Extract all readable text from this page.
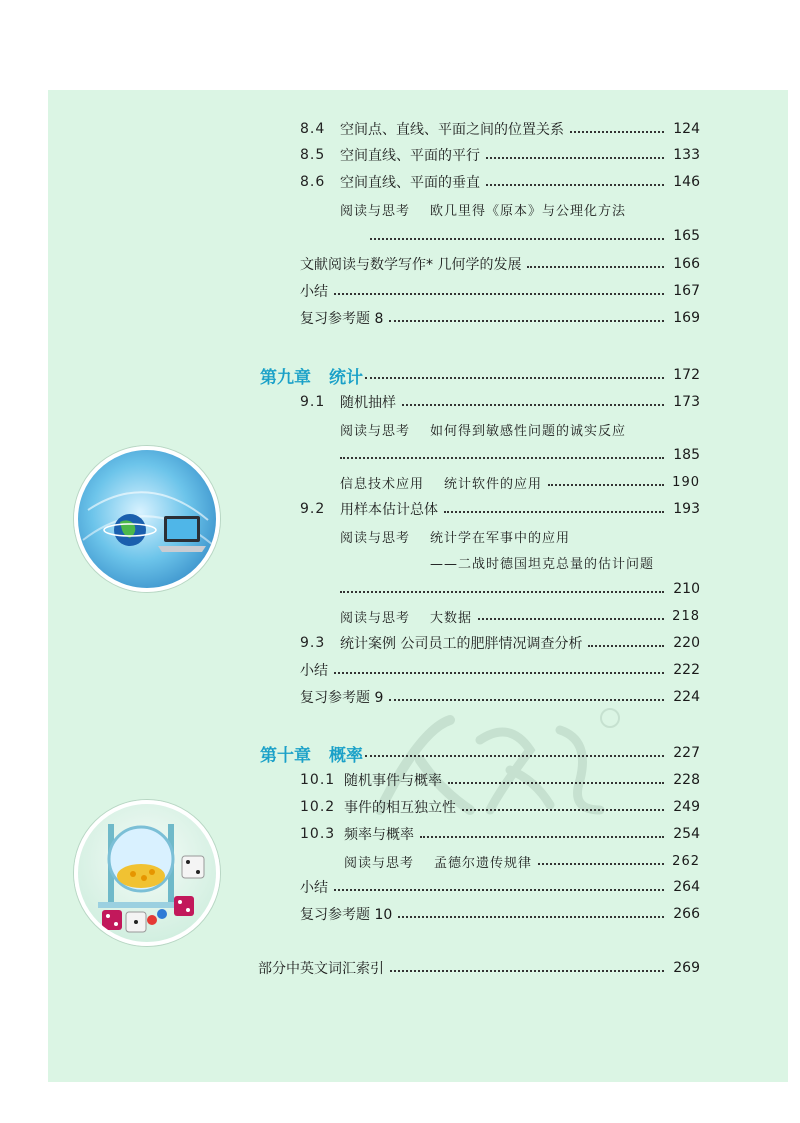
8.4	空间点、直线、平面之间的位置关系	124
8.5	空间直线、平面的平行	133
8.6	空间直线、平面的垂直	146
阅读与思考	欧几里得《原本》与公理化方法
165
文献阅读与数学写作* 几何学的发展	166
小结	167
复习参考题 8	169
第九章 统计	172
9.1	随机抽样	173
阅读与思考	如何得到敏感性问题的诚实反应
185
信息技术应用	统计软件的应用	190
9.2	用样本估计总体	193
阅读与思考	统计学在军事中的应用
——二战时德国坦克总量的估计问题
210
阅读与思考	大数据	218
9.3	统计案例 公司员工的肥胖情况调查分析	220
小结	222
复习参考题 9	224
第十章 概率	227
10.1 随机事件与概率	228
10.2 事件的相互独立性	249
10.3 频率与概率	254
阅读与思考	孟德尔遗传规律	262
小结	264
复习参考题 10	266
部分中英文词汇索引	269
